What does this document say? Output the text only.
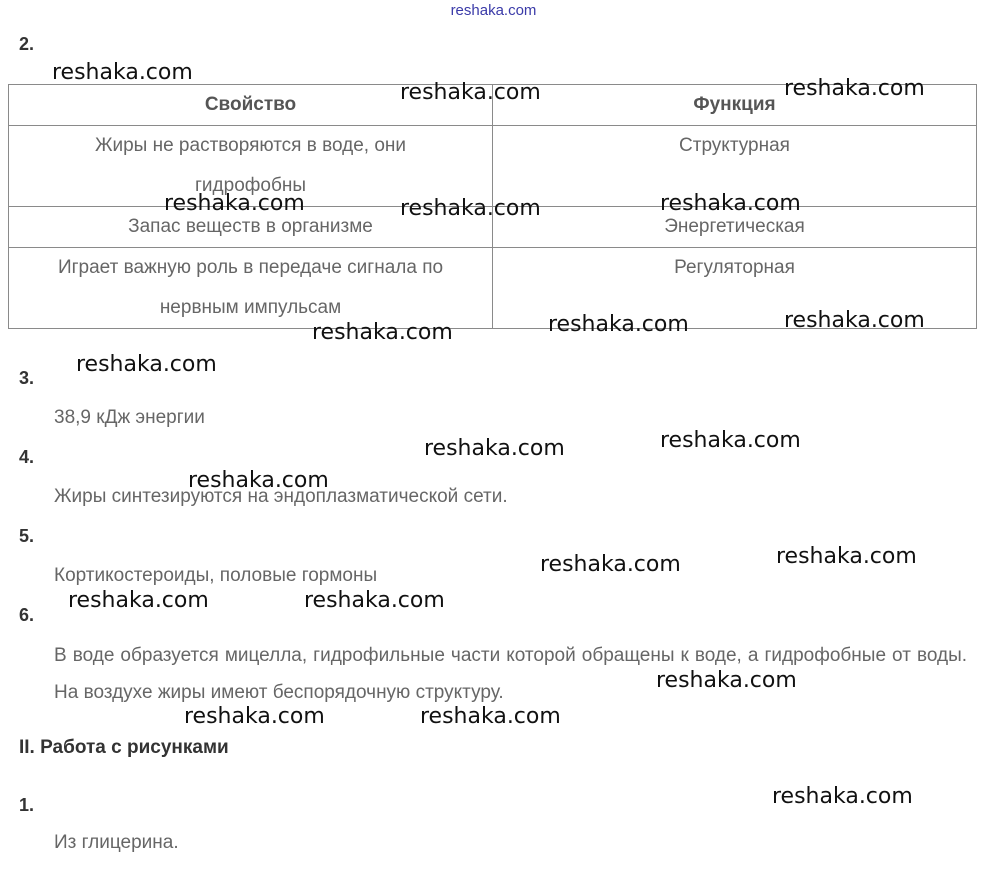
reshaka.com
2.
Свойство	Функция
Жиры не растворяются в воде, они гидрофобны	Структурная
Запас веществ в организме	Энергетическая
Играет важную роль в передаче сигнала по нервным импульсам	Регуляторная
3.
38,9 кДж энергии
4.
Жиры синтезируются на эндоплазматической сети.
5.
Кортикостероиды, половые гормоны
6.
В воде образуется мицелла, гидрофильные части которой обращены к воде, а гидрофобные от воды. На воздухе жиры имеют беспорядочную структуру.
II. Работа с рисунками
1.
Из глицерина.
reshaka.com
reshaka.com	reshaka.com
reshaka.com	reshaka.com	reshaka.com
reshaka.com	reshaka.com	reshaka.com
reshaka.com
reshaka.com	reshaka.com
reshaka.com
reshaka.com	reshaka.com
reshaka.com	reshaka.com
reshaka.com
reshaka.com	reshaka.com
reshaka.com
